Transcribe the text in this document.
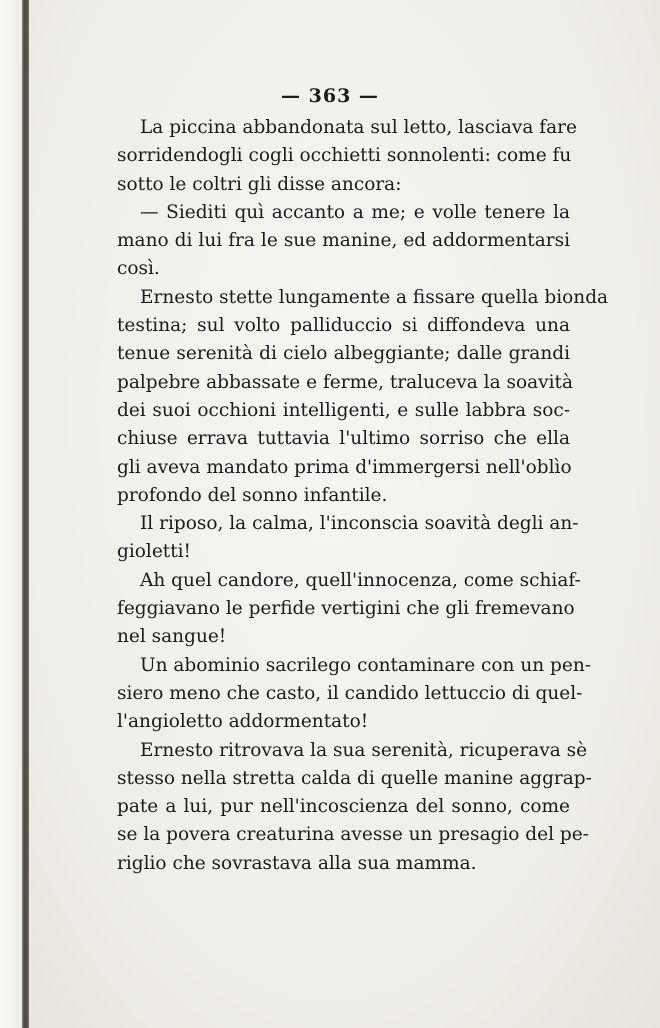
— 363 —
La piccina abbandonata sul letto, lasciava fare
sorridendogli cogli occhietti sonnolenti: come fu
sotto le coltri gli disse ancora:
— Siediti quì accanto a me; e volle tenere la
mano di lui fra le sue manine, ed addormentarsi
così.
Ernesto stette lungamente a fissare quella bionda
testina; sul volto palliduccio si diffondeva una
tenue serenità di cielo albeggiante; dalle grandi
palpebre abbassate e ferme, traluceva la soavità
dei suoi occhioni intelligenti, e sulle labbra soc-
chiuse errava tuttavia l'ultimo sorriso che ella
gli aveva mandato prima d'immergersi nell'oblìo
profondo del sonno infantile.
Il riposo, la calma, l'inconscia soavità degli an-
gioletti!
Ah quel candore, quell'innocenza, come schiaf-
feggiavano le perfide vertigini che gli fremevano
nel sangue!
Un abominio sacrilego contaminare con un pen-
siero meno che casto, il candido lettuccio di quel-
l'angioletto addormentato!
Ernesto ritrovava la sua serenità, ricuperava sè
stesso nella stretta calda di quelle manine aggrap-
pate a lui, pur nell'incoscienza del sonno, come
se la povera creaturina avesse un presagio del pe-
riglio che sovrastava alla sua mamma.
